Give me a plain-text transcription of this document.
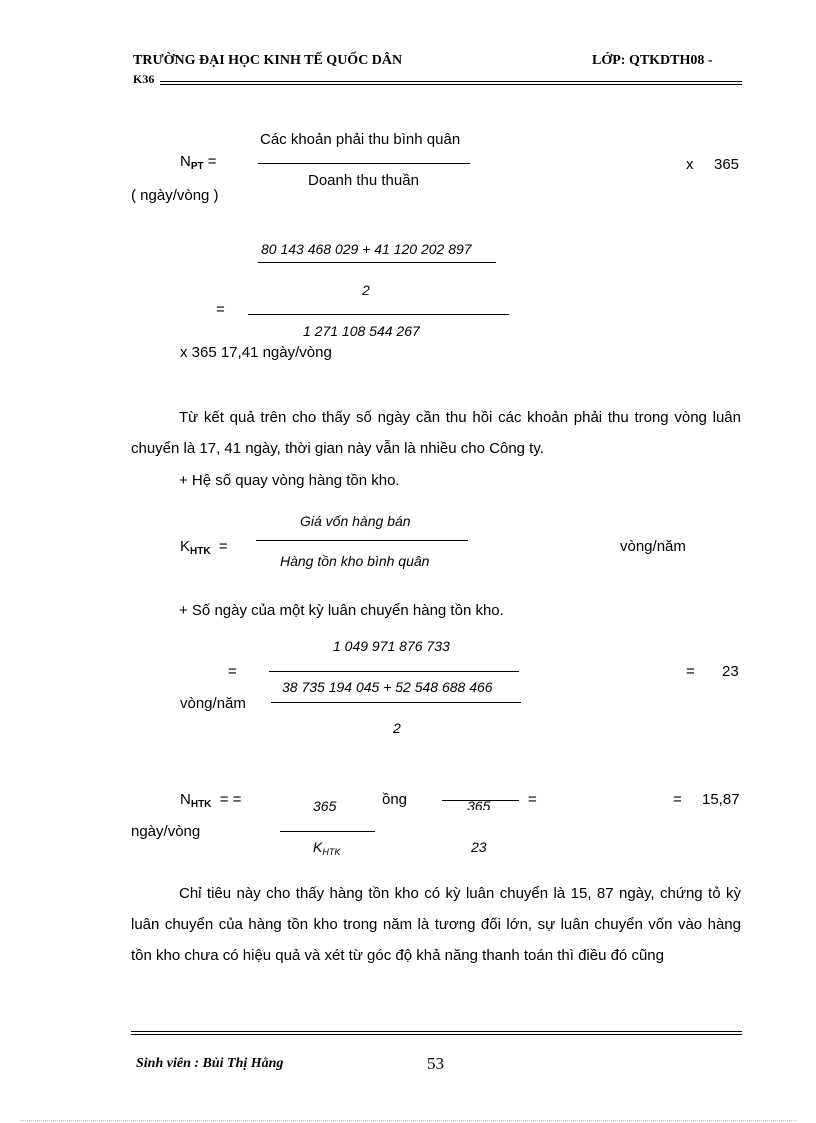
TRƯỜNG ĐẠI HỌC KINH TẾ QUỐC DÂN	LỚP: QTKDTH08 -
K36
$N_{PT}$ =
Các khoản phải thu bình quân
Doanh thu thuần
x 365
( ngày/vòng )
80 143 468 029 + 41 120 202 897
2
=
1 271 108 544 267
x 365 17,41 ngày/vòng
Từ kết quả trên cho thấy số ngày cần thu hồi các khoản phải thu trong vòng luân chuyển là 17, 41 ngày, thời gian này vẫn là nhiều cho Công ty.
+ Hệ số quay vòng hàng tồn kho.
$K_{HTK}$ =
Giá vốn hàng bán
Hàng tồn kho bình quân
vòng/năm
+ Số ngày của một kỳ luân chuyển hàng tồn kho.
1 049 971 876 733
=
38 735 194 045 + 52 548 688 466
2
= 23
vòng/năm
$N_{HTK}$ = =	365
$K_{HTK}$
ồng	365
23
=	= 15,87
ngày/vòng
Chỉ tiêu này cho thấy hàng tồn kho có kỳ luân chuyển là 15, 87 ngày, chứng tỏ kỳ luân chuyển của hàng tồn kho trong năm là tương đối lớn, sự luân chuyển vốn vào hàng tồn kho chưa có hiệu quả và xét từ góc độ khả năng thanh toán thì điều đó cũng
Sinh viên : Bùi Thị Hằng	53
